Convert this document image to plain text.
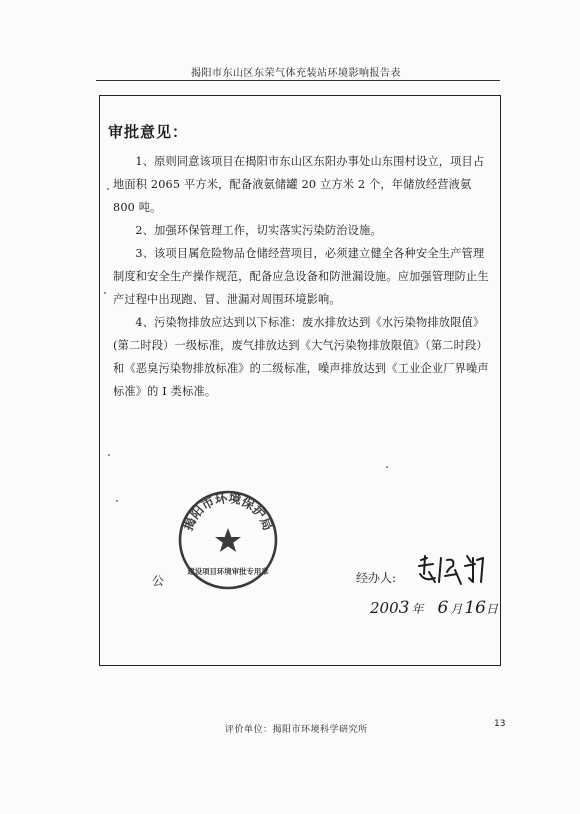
揭阳市东山区东荣气体充装站环境影响报告表
审批意见：

1、原则同意该项目在揭阳市东山区东阳办事处山东围村设立，项目占地面积 2065 平方米，配备液氨储罐 20 立方米 2 个，年储放经营液氨 800 吨。

2、加强环保管理工作，切实落实污染防治设施。

3、该项目属危险物品仓储经营项目，必须建立健全各种安全生产管理制度和安全生产操作规范，配备应急设备和防泄漏设施。应加强管理防止生产过程中出现跑、冒、泄漏对周围环境影响。

4、污染物排放应达到以下标准：废水排放达到《水污染物排放限值》(第二时段）一级标准，废气排放达到《大气污染物排放限值》（第二时段）和《恶臭污染物排放标准》的二级标准，噪声排放达到《工业企业厂界噪声标准》的 I 类标准。

揭阳市环境保护局
建设项目环境审批专用章
公	经办人:
2003 年 6 月 16日
评价单位：揭阳市环境科学研究所
13
